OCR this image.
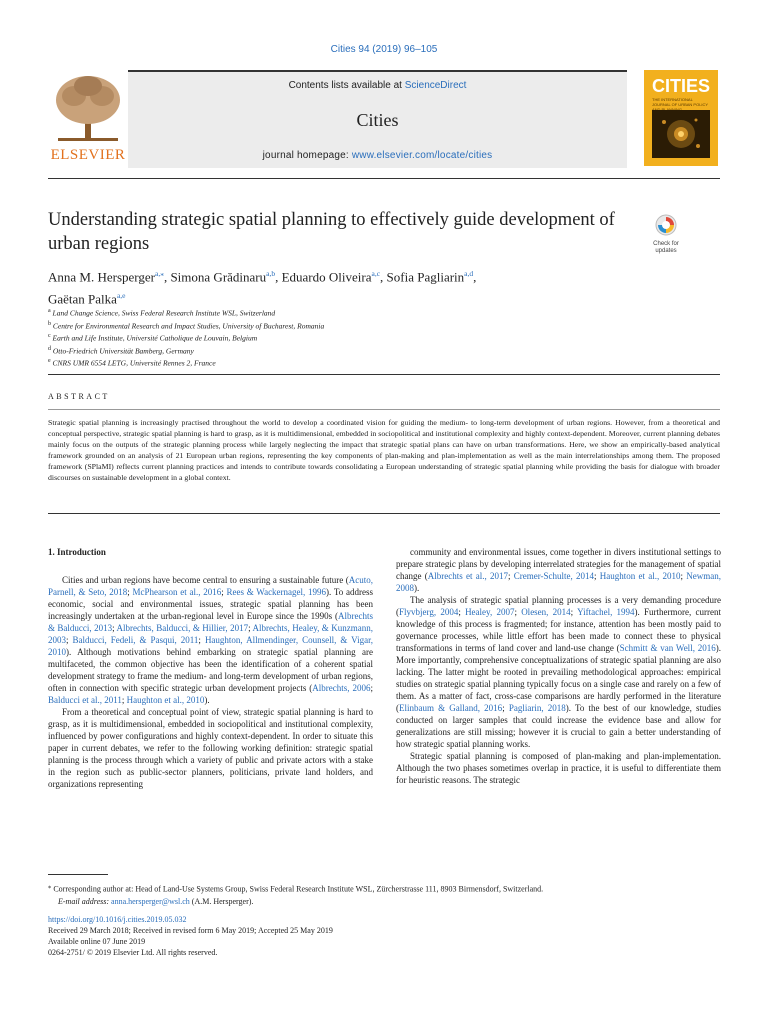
Cities 94 (2019) 96–105
ELSEVIER
Contents lists available at ScienceDirect
Cities
journal homepage: www.elsevier.com/locate/cities
CITIES
THE INTERNATIONAL JOURNAL OF URBAN POLICY
Understanding strategic spatial planning to effectively guide development of urban regions	Check for updates
Anna M. Hersperger$^{a,⁎}$, Simona Grădinaru$^{a,b}$, Eduardo Oliveira$^{a,c}$, Sofia Pagliarin$^{a,d}$,
Gaëtan Palka$^{a,e}$
$^a$ Land Change Science, Swiss Federal Research Institute WSL, Switzerland
$^b$ Centre for Environmental Research and Impact Studies, University of Bucharest, Romania
$^c$ Earth and Life Institute, Université Catholique de Louvain, Belgium
$^d$ Otto-Friedrich Universität Bamberg, Germany
$^e$ CNRS UMR 6554 LETG, Université Rennes 2, France
ABSTRACT

Strategic spatial planning is increasingly practised throughout the world to develop a coordinated vision for guiding the medium- to long-term development of urban regions. However, from a theoretical and conceptual perspective, strategic spatial planning is hard to grasp, as it is multidimensional, embedded in sociopolitical and institutional complexity and highly context-dependent. Moreover, current planning debates mainly focus on the outputs of the strategic planning process while largely neglecting the impact that strategic spatial plans can have on urban transformations. Here, we show an empirically-based analytical framework grounded on an analysis of 21 European urban regions, representing the key components of plan-making and plan-implementation as well as the main interrelationships among them. The proposed framework (SPlaMI) reflects current planning practices and intends to contribute towards consolidating a European understanding of strategic spatial planning while providing the basis for dialogue with broader discourses on sustainable development in a global context.

1. Introduction

Cities and urban regions have become central to ensuring a sustainable future (Acuto, Parnell, & Seto, 2018; McPhearson et al., 2016; Rees & Wackernagel, 1996). To address economic, social and environmental issues, strategic spatial planning has been increasingly undertaken at the urban-regional level in Europe since the 1990s (Albrechts & Balducci, 2013; Albrechts, Balducci, & Hillier, 2017; Albrechts, Healey, & Kunzmann, 2003; Balducci, Fedeli, & Pasqui, 2011; Haughton, Allmendinger, Counsell, & Vigar, 2010). Although motivations behind embarking on strategic spatial planning are multifaceted, the common objective has been the identification of a coherent spatial development strategy to frame the medium- and long-term development of urban regions, often in connection with specific strategic urban development projects (Albrechts, 2006; Balducci et al., 2011; Haughton et al., 2010).

From a theoretical and conceptual point of view, strategic spatial planning is hard to grasp, as it is multidimensional, embedded in sociopolitical and institutional complexity, influenced by power configurations and highly context-dependent. In order to situate this paper in current debates, we refer to the following working definition: strategic spatial planning is the process through which a variety of public and private actors with a stake in the region such as public-sector planners, politicians, private land holders, and organizations representing

community and environmental issues, come together in divers institutional settings to prepare strategic plans by developing interrelated strategies for the management of spatial change (Albrechts et al., 2017; Cremer-Schulte, 2014; Haughton et al., 2010; Newman, 2008).

The analysis of strategic spatial planning processes is a very demanding procedure (Flyvbjerg, 2004; Healey, 2007; Olesen, 2014; Yiftachel, 1994). Furthermore, current knowledge of this process is fragmented; for instance, attention has been mostly paid to governance processes, while little effort has been made to connect these to physical transformations in terms of land cover and land-use change (Schmitt & van Well, 2016). More importantly, comprehensive conceptualizations of strategic spatial planning are also lacking. The latter might be rooted in prevailing methodological approaches: empirical studies on strategic spatial planning typically focus on a single case and rarely on a few of them. As a matter of fact, cross-case comparisons are hardly performed in the literature (Elinbaum & Galland, 2016; Pagliarin, 2018). To the best of our knowledge, studies conducted on larger samples that could increase the evidence base and allow for generalizations are still missing; however it is crucial to gain a better understanding of how strategic spatial planning works.

Strategic spatial planning is composed of plan-making and plan-implementation. Although the two phases sometimes overlap in practice, it is useful to differentiate them for heuristic reasons. The strategic

⁎ Corresponding author at: Head of Land-Use Systems Group, Swiss Federal Research Institute WSL, Zürcherstrasse 111, 8903 Birmensdorf, Switzerland.
E-mail address: anna.hersperger@wsl.ch (A.M. Hersperger).
https://doi.org/10.1016/j.cities.2019.05.032
Received 29 March 2018; Received in revised form 6 May 2019; Accepted 25 May 2019
Available online 07 June 2019
0264-2751/ © 2019 Elsevier Ltd. All rights reserved.
